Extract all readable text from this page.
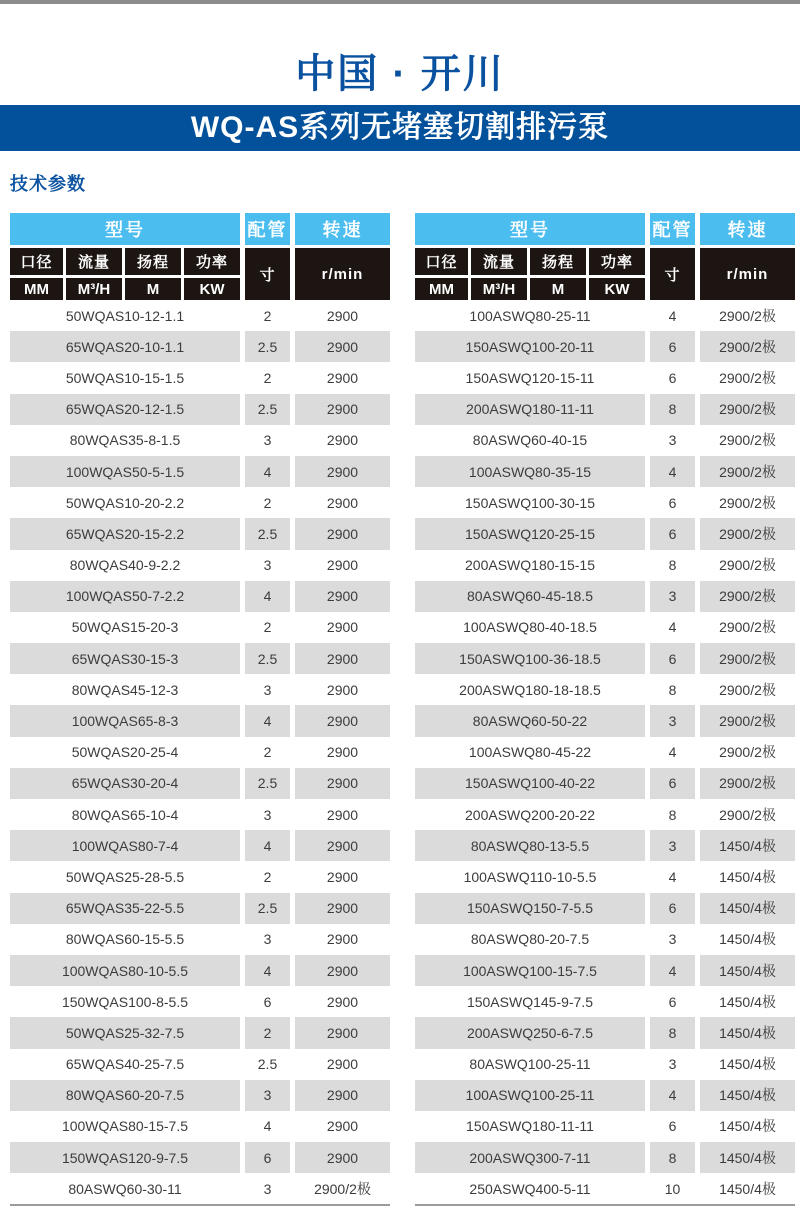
中国 · 开川
WQ-AS系列无堵塞切割排污泵
技术参数
型号	配管	转速
口径	流量	扬程	功率
MM	M³/H	M	KW
寸	r/min
50WQAS10-12-1.1	2	2900
65WQAS20-10-1.1	2.5	2900
50WQAS10-15-1.5	2	2900
65WQAS20-12-1.5	2.5	2900
80WQAS35-8-1.5	3	2900
100WQAS50-5-1.5	4	2900
50WQAS10-20-2.2	2	2900
65WQAS20-15-2.2	2.5	2900
80WQAS40-9-2.2	3	2900
100WQAS50-7-2.2	4	2900
50WQAS15-20-3	2	2900
65WQAS30-15-3	2.5	2900
80WQAS45-12-3	3	2900
100WQAS65-8-3	4	2900
50WQAS20-25-4	2	2900
65WQAS30-20-4	2.5	2900
80WQAS65-10-4	3	2900
100WQAS80-7-4	4	2900
50WQAS25-28-5.5	2	2900
65WQAS35-22-5.5	2.5	2900
80WQAS60-15-5.5	3	2900
100WQAS80-10-5.5	4	2900
150WQAS100-8-5.5	6	2900
50WQAS25-32-7.5	2	2900
65WQAS40-25-7.5	2.5	2900
80WQAS60-20-7.5	3	2900
100WQAS80-15-7.5	4	2900
150WQAS120-9-7.5	6	2900
80ASWQ60-30-11	3	2900/2极
型号	配管	转速
口径	流量	扬程	功率
MM	M³/H	M	KW
寸	r/min
100ASWQ80-25-11	4	2900/2极
150ASWQ100-20-11	6	2900/2极
150ASWQ120-15-11	6	2900/2极
200ASWQ180-11-11	8	2900/2极
80ASWQ60-40-15	3	2900/2极
100ASWQ80-35-15	4	2900/2极
150ASWQ100-30-15	6	2900/2极
150ASWQ120-25-15	6	2900/2极
200ASWQ180-15-15	8	2900/2极
80ASWQ60-45-18.5	3	2900/2极
100ASWQ80-40-18.5	4	2900/2极
150ASWQ100-36-18.5	6	2900/2极
200ASWQ180-18-18.5	8	2900/2极
80ASWQ60-50-22	3	2900/2极
100ASWQ80-45-22	4	2900/2极
150ASWQ100-40-22	6	2900/2极
200ASWQ200-20-22	8	2900/2极
80ASWQ80-13-5.5	3	1450/4极
100ASWQ110-10-5.5	4	1450/4极
150ASWQ150-7-5.5	6	1450/4极
80ASWQ80-20-7.5	3	1450/4极
100ASWQ100-15-7.5	4	1450/4极
150ASWQ145-9-7.5	6	1450/4极
200ASWQ250-6-7.5	8	1450/4极
80ASWQ100-25-11	3	1450/4极
100ASWQ100-25-11	4	1450/4极
150ASWQ180-11-11	6	1450/4极
200ASWQ300-7-11	8	1450/4极
250ASWQ400-5-11	10	1450/4极
